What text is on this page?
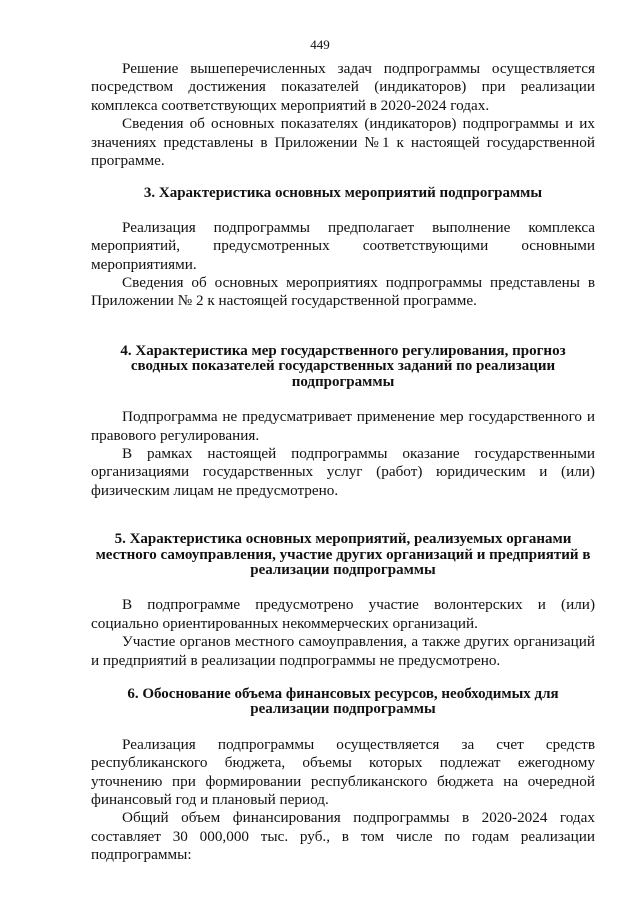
449

Решение вышеперечисленных задач подпрограммы осуществляется посредством достижения показателей (индикаторов) при реализации комплекса соответствующих мероприятий в 2020-2024 годах.

Сведения об основных показателях (индикаторов) подпрограммы и их значениях представлены в Приложении №1 к настоящей государственной программе.

3. Характеристика основных мероприятий подпрограммы

Реализация подпрограммы предполагает выполнение комплекса мероприятий, предусмотренных соответствующими основными мероприятиями.

Сведения об основных мероприятиях подпрограммы представлены в Приложении № 2 к настоящей государственной программе.

4. Характеристика мер государственного регулирования, прогноз сводных показателей государственных заданий по реализации подпрограммы

Подпрограмма не предусматривает применение мер государственного и правового регулирования.

В рамках настоящей подпрограммы оказание государственными организациями государственных услуг (работ) юридическим и (или) физическим лицам не предусмотрено.

5. Характеристика основных мероприятий, реализуемых органами местного самоуправления, участие других организаций и предприятий в реализации подпрограммы

В подпрограмме предусмотрено участие волонтерских и (или) социально ориентированных некоммерческих организаций.

Участие органов местного самоуправления, а также других организаций и предприятий в реализации подпрограммы не предусмотрено.

6. Обоснование объема финансовых ресурсов, необходимых для реализации подпрограммы

Реализация подпрограммы осуществляется за счет средств республиканского бюджета, объемы которых подлежат ежегодному уточнению при формировании республиканского бюджета на очередной финансовый год и плановый период.

Общий объем финансирования подпрограммы в 2020-2024 годах составляет 30 000,000 тыс. руб., в том числе по годам реализации подпрограммы:
